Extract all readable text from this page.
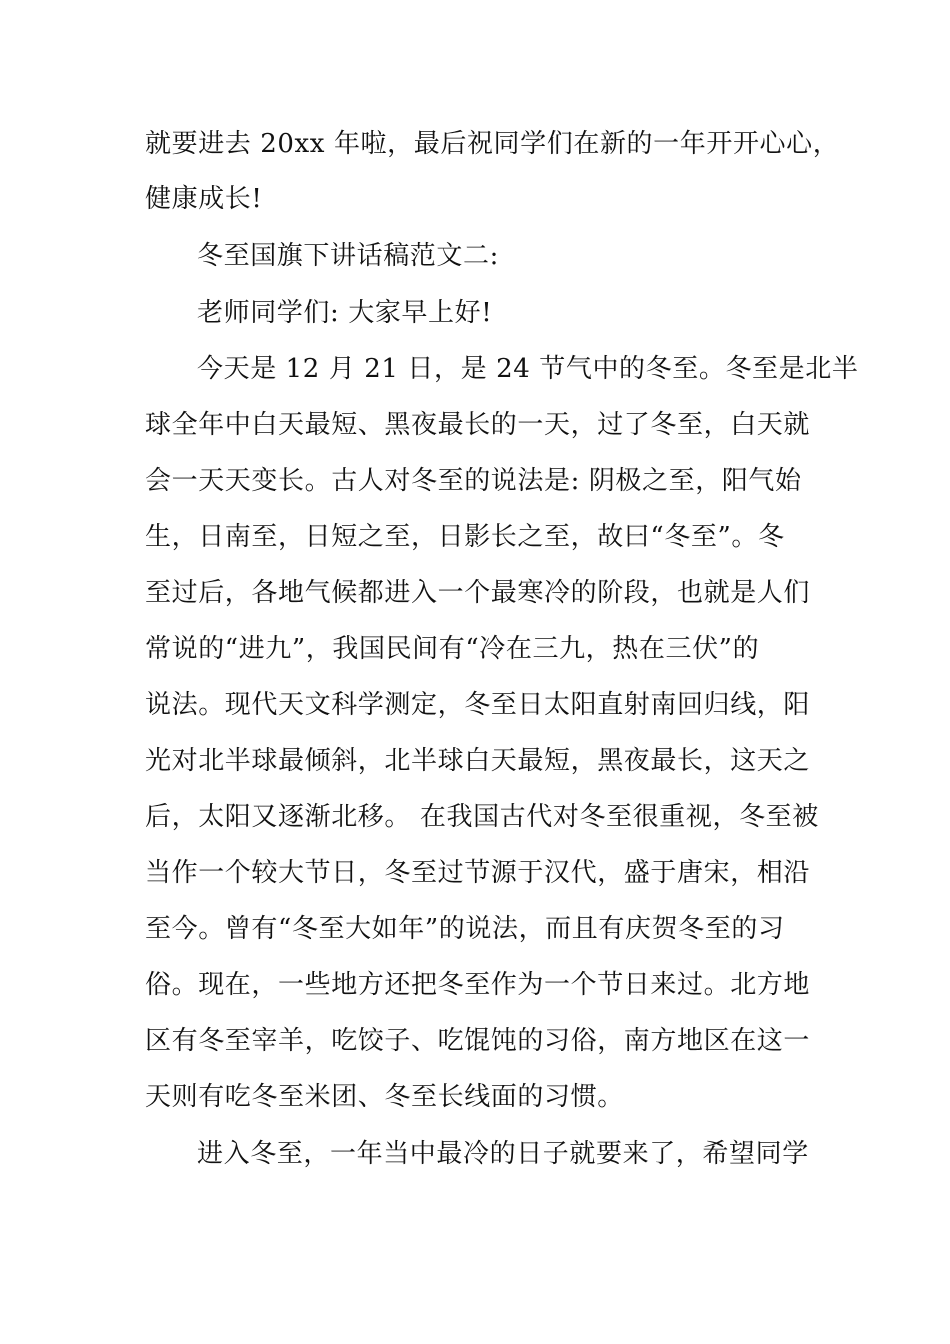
就要进去 20xx 年啦，最后祝同学们在新的一年开开心心，
健康成长!
冬至国旗下讲话稿范文二:
老师同学们: 大家早上好!
今天是 12 月 21 日，是 24 节气中的冬至。冬至是北半
球全年中白天最短、黑夜最长的一天，过了冬至，白天就
会一天天变长。古人对冬至的说法是: 阴极之至，阳气始
生，日南至，日短之至，日影长之至，故曰“冬至”。冬
至过后，各地气候都进入一个最寒冷的阶段，也就是人们
常说的“进九”，我国民间有“冷在三九，热在三伏”的
说法。现代天文科学测定，冬至日太阳直射南回归线，阳
光对北半球最倾斜，北半球白天最短，黑夜最长，这天之
后，太阳又逐渐北移。 在我国古代对冬至很重视，冬至被
当作一个较大节日，冬至过节源于汉代，盛于唐宋，相沿
至今。曾有“冬至大如年”的说法，而且有庆贺冬至的习
俗。现在，一些地方还把冬至作为一个节日来过。北方地
区有冬至宰羊，吃饺子、吃馄饨的习俗，南方地区在这一
天则有吃冬至米团、冬至长线面的习惯。
进入冬至，一年当中最冷的日子就要来了，希望同学
